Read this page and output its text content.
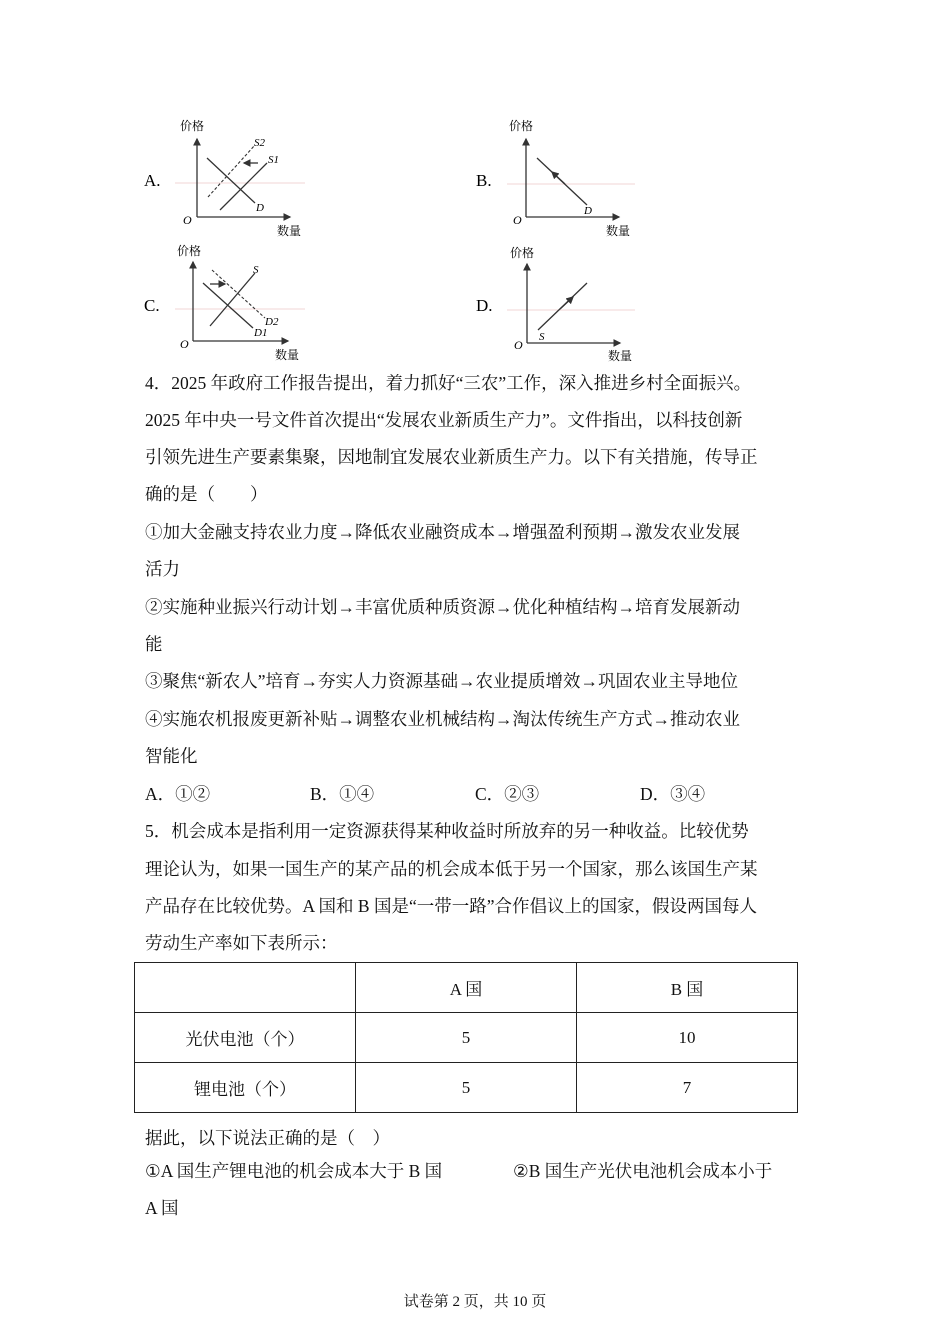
A.
价格
数量
O
S2
S1
D
B.
价格
数量
O
D
C.
价格
数量
O
S
D2
D1
D.
价格
数量
O
S
4．2025 年政府工作报告提出，着力抓好“三农”工作，深入推进乡村全面振兴。
2025 年中央一号文件首次提出“发展农业新质生产力”。文件指出，以科技创新
引领先进生产要素集聚，因地制宜发展农业新质生产力。以下有关措施，传导正
确的是（　　）
①加大金融支持农业力度→降低农业融资成本→增强盈利预期→激发农业发展
活力
②实施种业振兴行动计划→丰富优质种质资源→优化种植结构→培育发展新动
能
③聚焦“新农人”培育→夯实人力资源基础→农业提质增效→巩固农业主导地位
④实施农机报废更新补贴→调整农业机械结构→淘汰传统生产方式→推动农业
智能化
A．①②	B．①④	C．②③	D．③④
5．机会成本是指利用一定资源获得某种收益时所放弃的另一种收益。比较优势
理论认为，如果一国生产的某产品的机会成本低于另一个国家，那么该国生产某
产品存在比较优势。A 国和 B 国是“一带一路”合作倡议上的国家，假设两国每人
劳动生产率如下表所示：
	A 国	B 国
光伏电池（个）	5	10
锂电池（个）	5	7
据此，以下说法正确的是（　）
①A 国生产锂电池的机会成本大于 B 国	②B 国生产光伏电池机会成本小于
A 国
试卷第 2 页，共 10 页
